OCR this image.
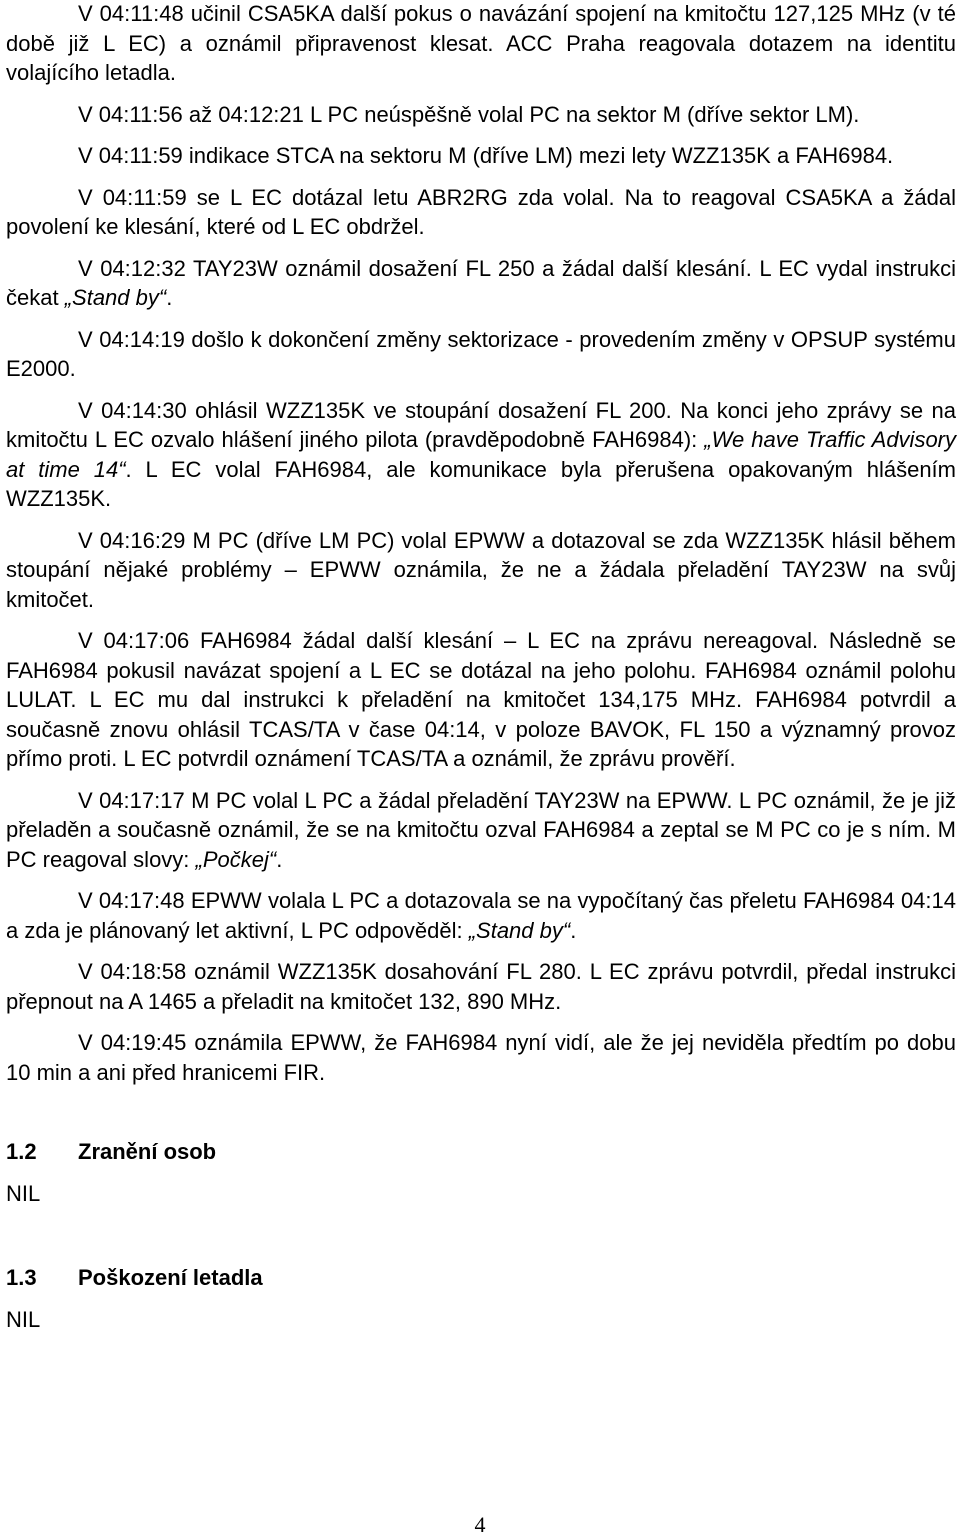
V 04:11:48 učinil CSA5KA další pokus o navázání spojení na kmitočtu 127,125 MHz (v té době již L EC) a oznámil připravenost klesat. ACC Praha reagovala dotazem na identitu volajícího letadla.

V 04:11:56 až 04:12:21 L PC neúspěšně volal PC na sektor M (dříve sektor LM).

V 04:11:59 indikace STCA na sektoru M (dříve LM) mezi lety WZZ135K a FAH6984.

V 04:11:59 se L EC dotázal letu ABR2RG zda volal. Na to reagoval CSA5KA a žádal povolení ke klesání, které od L EC obdržel.

V 04:12:32 TAY23W oznámil dosažení FL 250 a žádal další klesání. L EC vydal instrukci čekat „Stand by“.

V 04:14:19 došlo k dokončení změny sektorizace - provedením změny v OPSUP systému E2000.

V 04:14:30 ohlásil WZZ135K ve stoupání dosažení FL 200. Na konci jeho zprávy se na kmitočtu L EC ozvalo hlášení jiného pilota (pravděpodobně FAH6984): „We have Traffic Advisory at time 14“. L EC volal FAH6984, ale komunikace byla přerušena opakovaným hlášením WZZ135K.

V 04:16:29 M PC (dříve LM PC) volal EPWW a dotazoval se zda WZZ135K hlásil během stoupání nějaké problémy – EPWW oznámila, že ne a žádala přeladění TAY23W na svůj kmitočet.

V 04:17:06 FAH6984 žádal další klesání – L EC na zprávu nereagoval. Následně se FAH6984 pokusil navázat spojení a L EC se dotázal na jeho polohu. FAH6984 oznámil polohu LULAT. L EC mu dal instrukci k přeladění na kmitočet 134,175 MHz. FAH6984 potvrdil a současně znovu ohlásil TCAS/TA v čase 04:14, v poloze BAVOK, FL 150 a významný provoz přímo proti. L EC potvrdil oznámení TCAS/TA a oznámil, že zprávu prověří.

V 04:17:17 M PC volal L PC a žádal přeladění TAY23W na EPWW. L PC oznámil, že je již přeladěn a současně oznámil, že se na kmitočtu ozval FAH6984 a zeptal se M PC co je s ním. M PC reagoval slovy: „Počkej“.

V 04:17:48 EPWW volala L PC a dotazovala se na vypočítaný čas přeletu FAH6984 04:14 a zda je plánovaný let aktivní, L PC odpověděl: „Stand by“.

V 04:18:58 oznámil WZZ135K dosahování FL 280. L EC zprávu potvrdil, předal instrukci přepnout na A 1465 a přeladit na kmitočet 132, 890 MHz.

V 04:19:45 oznámila EPWW, že FAH6984 nyní vidí, ale že jej neviděla předtím po dobu 10 min a ani před hranicemi FIR.

1.2	Zranění osob

NIL

1.3	Poškození letadla

NIL

4
